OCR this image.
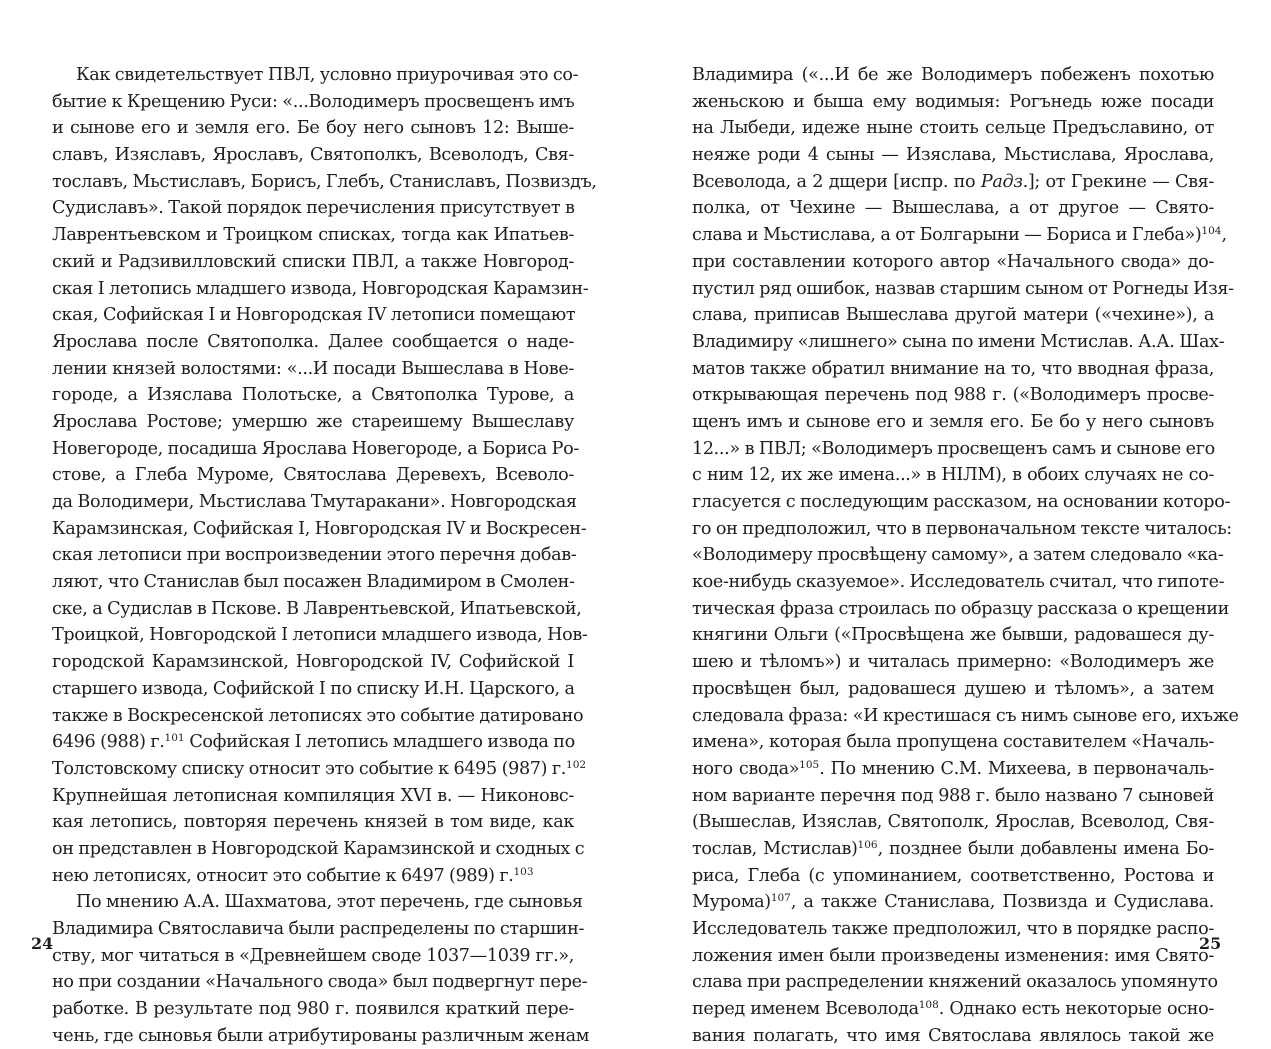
Как свидетельствует ПВЛ, условно приурочивая это со-
бытие к Крещению Руси: «...Володимеръ просвещенъ имъ
и сынове его и земля его. Бе боу него сыновъ 12: Выше-
славъ, Изяславъ, Ярославъ, Святополкъ, Всеволодъ, Свя-
тославъ, Мьстиславъ, Борисъ, Глебъ, Станиславъ, Позвиздъ,
Судиславъ». Такой порядок перечисления присутствует в
Лаврентьевском и Троицком списках, тогда как Ипатьев-
ский и Радзивилловский списки ПВЛ, а также Новгород-
ская I летопись младшего извода, Новгородская Карамзин-
ская, Софийская I и Новгородская IV летописи помещают
Ярослава после Святополка. Далее сообщается о наде-
лении князей волостями: «...И посади Вышеслава в Нове-
городе, а Изяслава Полотьске, а Святополка Турове, а
Ярослава Ростове; умершю же стареишему Вышеславу
Новегороде, посадиша Ярослава Новегороде, а Бориса Ро-
стове, а Глеба Муроме, Святослава Деревехъ, Всеволо-
да Володимери, Мьстислава Тмутаракани». Новгородская
Карамзинская, Софийская I, Новгородская IV и Воскресен-
ская летописи при воспроизведении этого перечня добав-
ляют, что Станислав был посажен Владимиром в Смолен-
ске, а Судислав в Пскове. В Лаврентьевской, Ипатьевской,
Троицкой, Новгородской I летописи младшего извода, Нов-
городской Карамзинской, Новгородской IV, Софийской I
старшего извода, Софийской I по списку И.Н. Царского, а
также в Воскресенской летописях это событие датировано
6496 (988) г.$^{101}$ Софийская I летопись младшего извода по
Толстовскому списку относит это событие к 6495 (987) г.$^{102}$
Крупнейшая летописная компиляция XVI в. — Никоновс-
кая летопись, повторяя перечень князей в том виде, как
он представлен в Новгородской Карамзинской и сходных с
нею летописях, относит это событие к 6497 (989) г.$^{103}$
По мнению А.А. Шахматова, этот перечень, где сыновья
Владимира Святославича были распределены по старшин-
ству, мог читаться в «Древнейшем своде 1037—1039 гг.»,
но при создании «Начального свода» был подвергнут пере-
работке. В результате под 980 г. появился краткий пере-
чень, где сыновья были атрибутированы различным женам
Владимира («...И бе же Володимеръ побеженъ похотью
женьскою и быша ему водимыя: Рогънедь юже посади
на Лыбеди, идеже ныне стоить сельце Предъславино, от
нeяже роди 4 сыны — Изяслава, Мьстислава, Ярослава,
Всеволода, а 2 дщери [испр. по Радз.]; от Грекине — Свя-
полка, от Чехине — Вышеслава, а от другое — Свято-
слава и Мьстислава, а от Болгарыни — Бориса и Глеба»)$^{104}$,
при составлении которого автор «Начального свода» до-
пустил ряд ошибок, назвав старшим сыном от Рогнеды Изя-
слава, приписав Вышеслава другой матери («чехине»), а
Владимиру «лишнего» сына по имени Мстислав. А.А. Шах-
матов также обратил внимание на то, что вводная фраза,
открывающая перечень под 988 г. («Володимеръ просве-
щенъ имъ и сынове его и земля его. Бе бо у него сыновъ
12...» в ПВЛ; «Володимеръ просвещенъ самъ и сынове его
с ним 12, их же имена...» в НIЛМ), в обоих случаях не со-
гласуется с последующим рассказом, на основании которо-
го он предположил, что в первоначальном тексте читалось:
«Володимеру просвѣщену самому», а затем следовало «ка-
кое-нибудь сказуемое». Исследователь считал, что гипоте-
тическая фраза строилась по образцу рассказа о крещении
княгини Ольги («Просвѣщена же бывши, радовашеся ду-
шею и тѣломъ») и читалась примерно: «Володимеръ же
просвѣщен был, радовашеся душею и тѣломъ», а затем
следовала фраза: «И крестишася съ нимъ сынове его, ихъже
имена», которая была пропущена составителем «Началь-
ного свода»$^{105}$. По мнению С.М. Михеева, в первоначаль-
ном варианте перечня под 988 г. было названо 7 сыновей
(Вышеслав, Изяслав, Святополк, Ярослав, Всеволод, Свя-
тослав, Мстислав)$^{106}$, позднее были добавлены имена Бо-
риса, Глеба (с упоминанием, соответственно, Ростова и
Мурома)$^{107}$, а также Станислава, Позвизда и Судислава.
Исследователь также предположил, что в порядке распо-
ложения имен были произведены изменения: имя Свято-
слава при распределении княжений оказалось упомянуто
перед именем Всеволода$^{108}$. Однако есть некоторые осно-
вания полагать, что имя Святослава являлось такой же
24	25
